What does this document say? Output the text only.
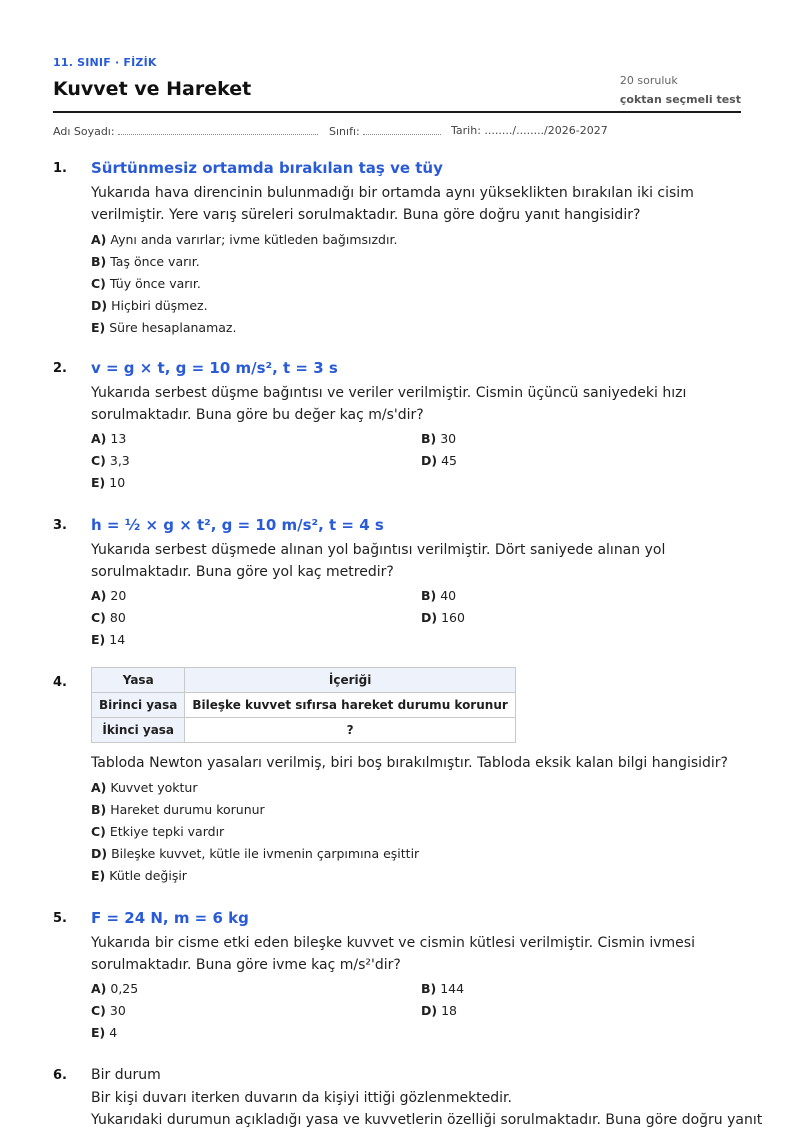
11. SINIF · FİZİK
Kuvvet ve Hareket	20 soruluk
çoktan seçmeli test
Adı Soyadı:	Sınıfı:	Tarih: ......../......../2026-2027
1. Sürtünmesiz ortamda bırakılan taş ve tüy
Yukarıda hava direncinin bulunmadığı bir ortamda aynı yükseklikten bırakılan iki cisim verilmiştir. Yere varış süreleri sorulmaktadır. Buna göre doğru yanıt hangisidir?
A) Aynı anda varırlar; ivme kütleden bağımsızdır.
B) Taş önce varır.
C) Tüy önce varır.
D) Hiçbiri düşmez.
E) Süre hesaplanamaz.
2. v = g × t, g = 10 m/s², t = 3 s
Yukarıda serbest düşme bağıntısı ve veriler verilmiştir. Cismin üçüncü saniyedeki hızı sorulmaktadır. Buna göre bu değer kaç m/s'dir?
A) 13	B) 30
C) 3,3	D) 45
E) 10
3. h = ½ × g × t², g = 10 m/s², t = 4 s
Yukarıda serbest düşmede alınan yol bağıntısı verilmiştir. Dört saniyede alınan yol sorulmaktadır. Buna göre yol kaç metredir?
A) 20	B) 40
C) 80	D) 160
E) 14
4.	Yasa	İçeriği
Birinci yasa	Bileşke kuvvet sıfırsa hareket durumu korunur
İkinci yasa	?
Tabloda Newton yasaları verilmiş, biri boş bırakılmıştır. Tabloda eksik kalan bilgi hangisidir?
A) Kuvvet yoktur
B) Hareket durumu korunur
C) Etkiye tepki vardır
D) Bileşke kuvvet, kütle ile ivmenin çarpımına eşittir
E) Kütle değişir
5. F = 24 N, m = 6 kg
Yukarıda bir cisme etki eden bileşke kuvvet ve cismin kütlesi verilmiştir. Cismin ivmesi sorulmaktadır. Buna göre ivme kaç m/s²'dir?
A) 0,25	B) 144
C) 30	D) 18
E) 4
6. Bir durum
Bir kişi duvarı iterken duvarın da kişiyi ittiği gözlenmektedir.
Yukarıdaki durumun açıkladığı yasa ve kuvvetlerin özelliği sorulmaktadır. Buna göre doğru yanıt
